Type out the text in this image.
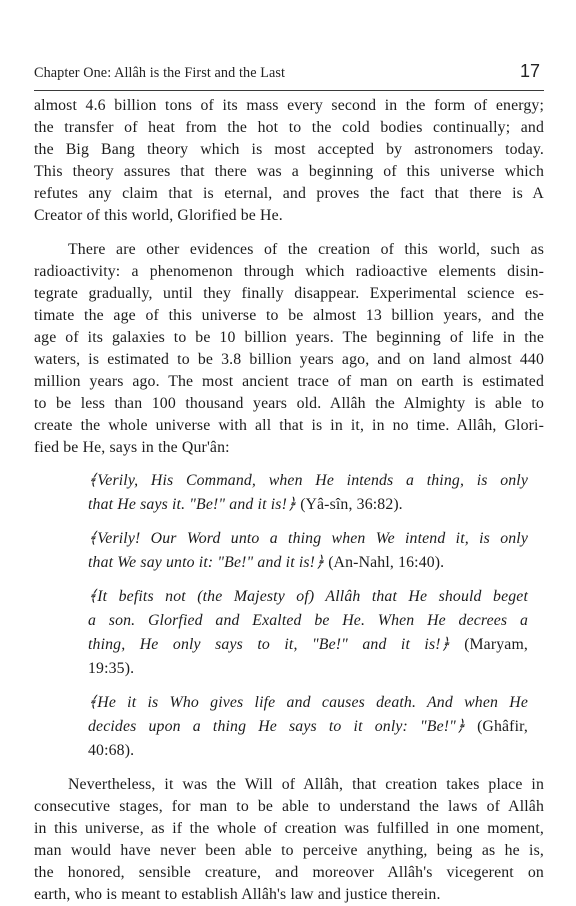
Chapter One: Allâh is the First and the Last	17
almost 4.6 billion tons of its mass every second in the form of energy;
the transfer of heat from the hot to the cold bodies continually; and
the Big Bang theory which is most accepted by astronomers today.
This theory assures that there was a beginning of this universe which
refutes any claim that is eternal, and proves the fact that there is A
Creator of this world, Glorified be He.
There are other evidences of the creation of this world, such as
radioactivity: a phenomenon through which radioactive elements disin-
tegrate gradually, until they finally disappear. Experimental science es-
timate the age of this universe to be almost 13 billion years, and the
age of its galaxies to be 10 billion years. The beginning of life in the
waters, is estimated to be 3.8 billion years ago, and on land almost 440
million years ago. The most ancient trace of man on earth is estimated
to be less than 100 thousand years old. Allâh the Almighty is able to
create the whole universe with all that is in it, in no time. Allâh, Glori-
fied be He, says in the Qur'ân:
﴾Verily, His Command, when He intends a thing, is only
that He says it. "Be!" and it is!﴿ (Yâ-sîn, 36:82).
﴾Verily! Our Word unto a thing when We intend it, is only
that We say unto it: "Be!" and it is!﴿ (An-Nahl, 16:40).
﴾It befits not (the Majesty of) Allâh that He should beget
a son. Glorfied and Exalted be He. When He decrees a
thing, He only says to it, "Be!" and it is!﴿ (Maryam,
19:35).
﴾He it is Who gives life and causes death. And when He
decides upon a thing He says to it only: "Be!"﴿ (Ghâfir,
40:68).
Nevertheless, it was the Will of Allâh, that creation takes place in
consecutive stages, for man to be able to understand the laws of Allâh
in this universe, as if the whole of creation was fulfilled in one moment,
man would have never been able to perceive anything, being as he is,
the honored, sensible creature, and moreover Allâh's vicegerent on
earth, who is meant to establish Allâh's law and justice therein.
